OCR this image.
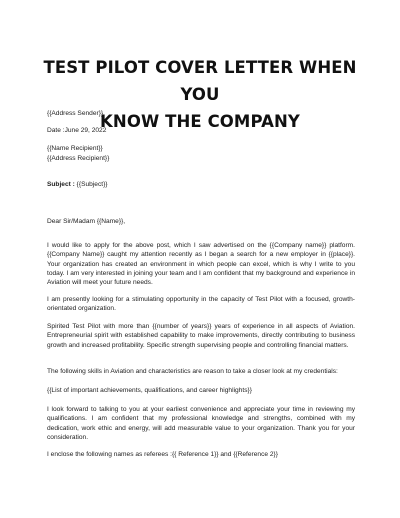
TEST PILOT COVER LETTER WHEN YOU
KNOW THE COMPANY
{{Address Sender}}
Date :June 29, 2022
{{Name Recipient}}
{{Address Recipient}}
Subject : {{Subject}}
Dear Sir/Madam {{Name}},
I would like to apply for the above post, which I saw advertised on the {{Company name}} platform. {{Company Name}} caught my attention recently as I began a search for a new employer in {{place}}. Your organization has created an environment in which people can excel, which is why I write to you today. I am very interested in joining your team and I am confident that my background and experience in Aviation will meet your future needs.
I am presently looking for a stimulating opportunity in the capacity of Test Pilot with a focused, growth-orientated organization.
Spirited Test Pilot with more than {{number of years}} years of experience in all aspects of Aviation. Entrepreneurial spirit with established capability to make improvements, directly contributing to business growth and increased profitability. Specific strength supervising people and controlling financial matters.
The following skills in Aviation and characteristics are reason to take a closer look at my credentials:
{{List of important achievements, qualifications, and career highlights}}
I look forward to talking to you at your earliest convenience and appreciate your time in reviewing my qualifications. I am confident that my professional knowledge and strengths, combined with my dedication, work ethic and energy, will add measurable value to your organization. Thank you for your consideration.
I enclose the following names as referees :{{ Reference 1}} and {{Reference 2}}
